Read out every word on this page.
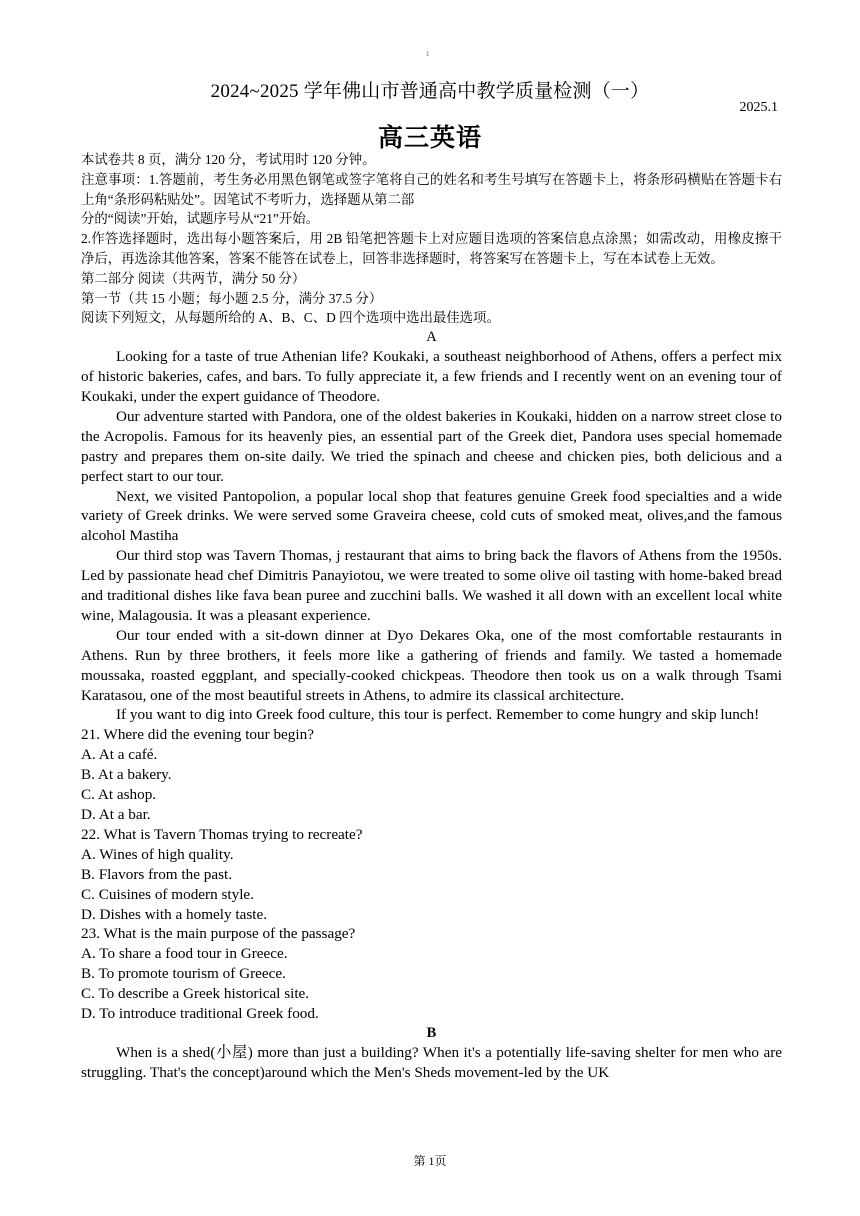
1
2024~2025 学年佛山市普通高中教学质量检测（一）
2025.1
高三英语

本试卷共 8 页，满分 120 分，考试用时 120 分钟。

注意事项：1.答题前，考生务必用黑色钢笔或签字笔将自己的姓名和考生号填写在答题卡上，将条形码横贴在答题卡右上角“条形码粘贴处”。因笔试不考听力，选择题从第二部

分的“阅读”开始，试题序号从“21”开始。

2.作答选择题时，选出每小题答案后，用 2B 铅笔把答题卡上对应题目选项的答案信息点涂黑；如需改动，用橡皮擦干净后，再选涂其他答案，答案不能答在试卷上，回答非选择题时，将答案写在答题卡上，写在本试卷上无效。

第二部分 阅读（共两节，满分 50 分）

第一节（共 15 小题；每小题 2.5 分，满分 37.5 分）

阅读下列短文，从每题所给的 A、B、C、D 四个选项中选出最佳选项。

A

Looking for a taste of true Athenian life? Koukaki, a southeast neighborhood of Athens, offers a perfect mix of historic bakeries, cafes, and bars. To fully appreciate it, a few friends and I recently went on an evening tour of Koukaki, under the expert guidance of Theodore.

Our adventure started with Pandora, one of the oldest bakeries in Koukaki, hidden on a narrow street close to the Acropolis. Famous for its heavenly pies, an essential part of the Greek diet, Pandora uses special homemade pastry and prepares them on-site daily. We tried the spinach and cheese and chicken pies, both delicious and a perfect start to our tour.

Next, we visited Pantopolion, a popular local shop that features genuine Greek food specialties and a wide variety of Greek drinks. We were served some Graveira cheese, cold cuts of smoked meat, olives,and the famous alcohol Mastiha

Our third stop was Tavern Thomas, j restaurant that aims to bring back the flavors of Athens from the 1950s. Led by passionate head chef Dimitris Panayiotou, we were treated to some olive oil tasting with home-baked bread and traditional dishes like fava bean puree and zucchini balls. We washed it all down with an excellent local white wine, Malagousia. It was a pleasant experience.

Our tour ended with a sit-down dinner at Dyo Dekares Oka, one of the most comfortable restaurants in Athens. Run by three brothers, it feels more like a gathering of friends and family. We tasted a homemade moussaka, roasted eggplant, and specially-cooked chickpeas. Theodore then took us on a walk through Tsami Karatasou, one of the most beautiful streets in Athens, to admire its classical architecture.

If you want to dig into Greek food culture, this tour is perfect. Remember to come hungry and skip lunch!

21. Where did the evening tour begin?

A. At a café.

B. At a bakery.

C. At ashop.

D. At a bar.

22. What is Tavern Thomas trying to recreate?

A. Wines of high quality.

B. Flavors from the past.

C. Cuisines of modern style.

D. Dishes with a homely taste.

23. What is the main purpose of the passage?

A. To share a food tour in Greece.

B. To promote tourism of Greece.

C. To describe a Greek historical site.

D. To introduce traditional Greek food.

B

When is a shed(小屋) more than just a building? When it's a potentially life-saving shelter for men who are struggling. That's the concept)around which the Men's Sheds movement-led by the UK

第 1页
